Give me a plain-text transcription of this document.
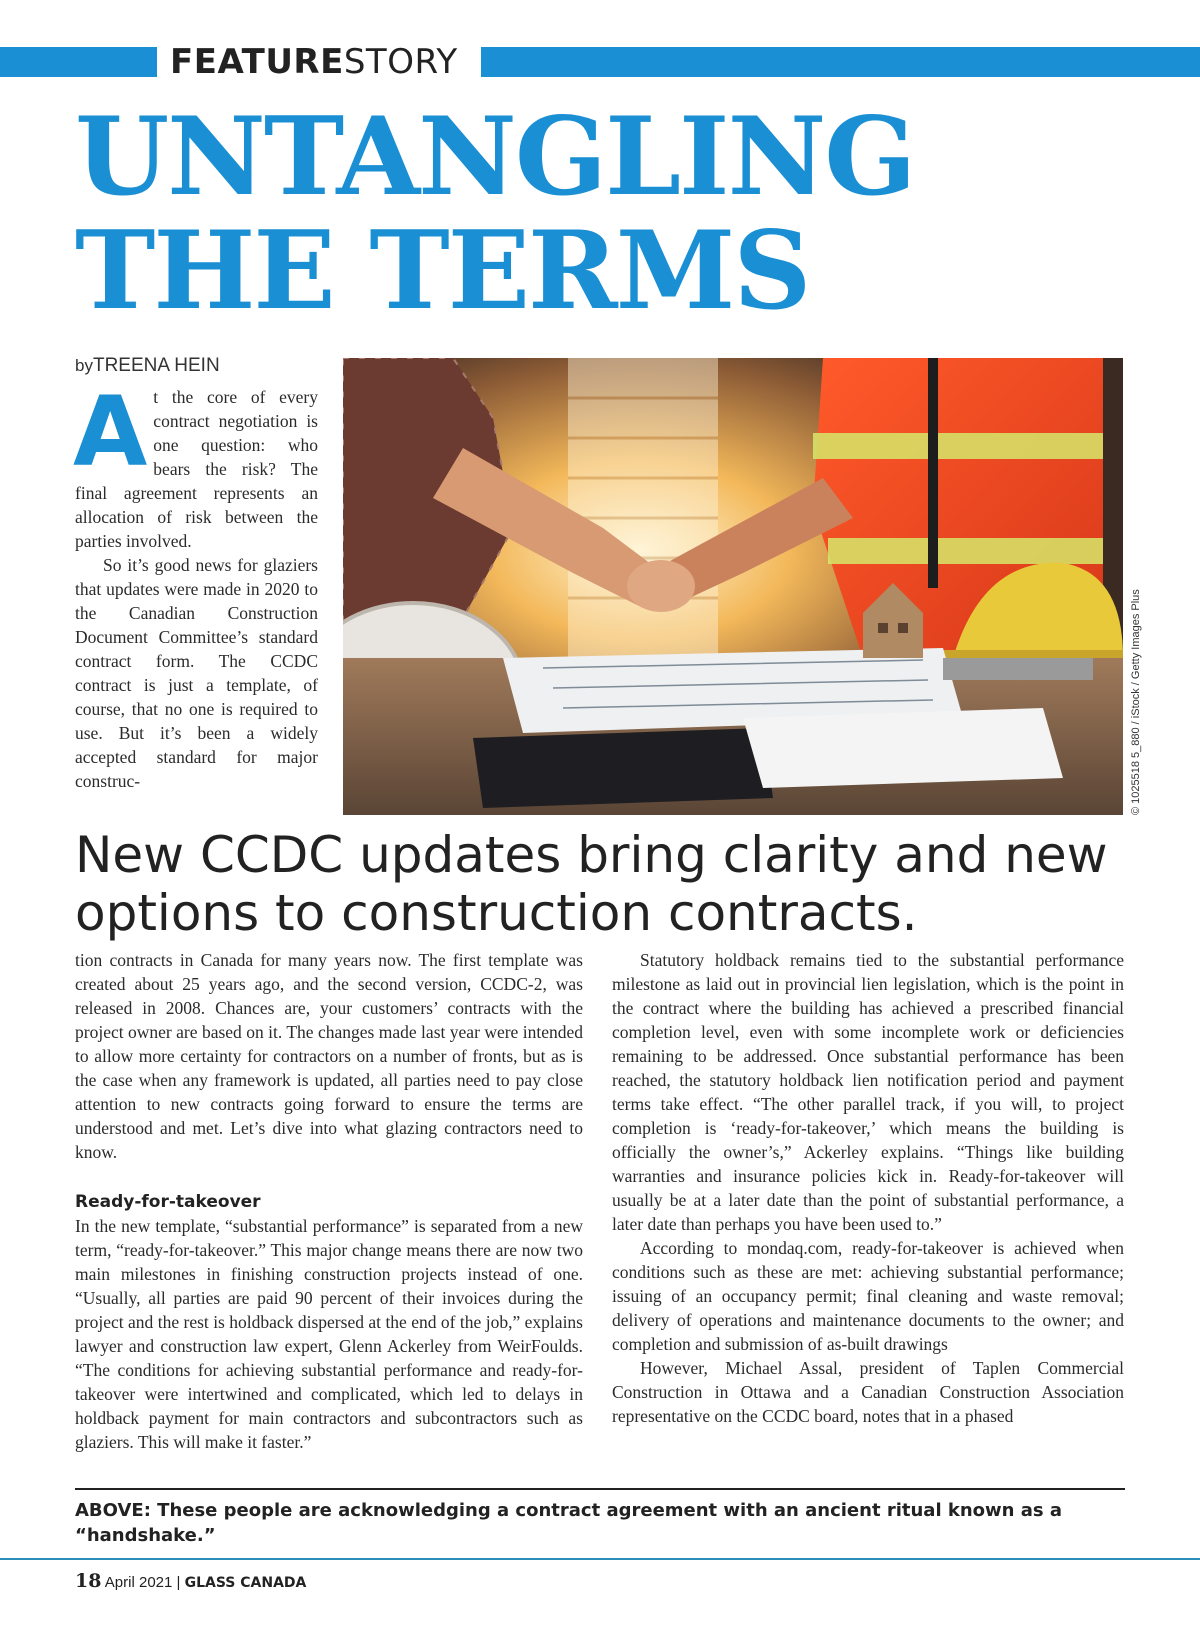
FEATURESTORY
UNTANGLING
THE TERMS
byTREENA HEIN

At the core of every contract negotiation is one question: who bears the risk? The final agreement represents an allocation of risk between the parties involved.

So it’s good news for glaziers that updates were made in 2020 to the Canadian Construction Document Committee’s standard contract form. The CCDC contract is just a template, of course, that no one is required to use. But it’s been a widely accepted standard for major construc-	© 1025518 5_880 / iStock / Getty Images Plus
New CCDC updates bring clarity and new options to construction contracts.

tion contracts in Canada for many years now. The first template was created about 25 years ago, and the second version, CCDC-2, was released in 2008. Chances are, your customers’ contracts with the project owner are based on it. The changes made last year were intended to allow more certainty for contractors on a number of fronts, but as is the case when any framework is updated, all parties need to pay close attention to new contracts going forward to ensure the terms are understood and met. Let’s dive into what glazing contractors need to know.

Ready-for-takeover

In the new template, “substantial performance” is separated from a new term, “ready-for-takeover.” This major change means there are now two main milestones in finishing construction projects instead of one. “Usually, all parties are paid 90 percent of their invoices during the project and the rest is holdback dispersed at the end of the job,” explains lawyer and construction law expert, Glenn Ackerley from WeirFoulds. “The conditions for achieving substantial performance and ready-for-takeover were intertwined and complicated, which led to delays in holdback payment for main contractors and subcontractors such as glaziers. This will make it faster.”

Statutory holdback remains tied to the substantial performance milestone as laid out in provincial lien legislation, which is the point in the contract where the building has achieved a prescribed financial completion level, even with some incomplete work or deficiencies remaining to be addressed. Once substantial performance has been reached, the statutory holdback lien notification period and payment terms take effect. “The other parallel track, if you will, to project completion is ‘ready-for-takeover,’ which means the building is officially the owner’s,” Ackerley explains. “Things like building warranties and insurance policies kick in. Ready-for-takeover will usually be at a later date than the point of substantial performance, a later date than perhaps you have been used to.”

According to mondaq.com, ready-for-takeover is achieved when conditions such as these are met: achieving substantial performance; issuing of an occupancy permit; final cleaning and waste removal; delivery of operations and maintenance documents to the owner; and completion and submission of as-built drawings

However, Michael Assal, president of Taplen Commercial Construction in Ottawa and a Canadian Construction Association representative on the CCDC board, notes that in a phased

ABOVE: These people are acknowledging a contract agreement with an ancient ritual known as a “handshake.”
18 April 2021 | GLASS CANADA
